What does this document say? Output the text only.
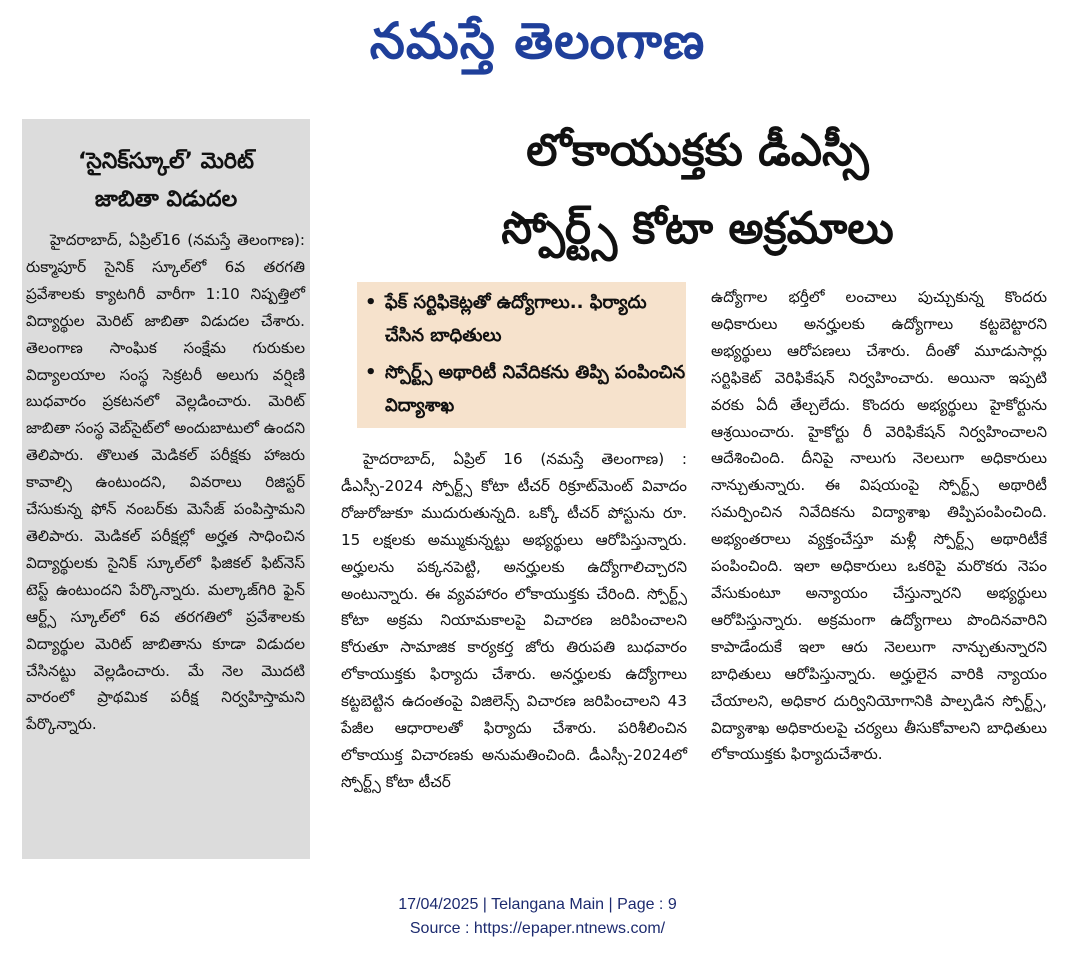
నమస్తే తెలంగాణ
‘సైనిక్‌స్కూల్‌’ మెరిట్‌
జాబితా విడుదల

హైదరాబాద్‌, ఏప్రిల్‌16 (నమస్తే తెలంగాణ): రుక్మాపూర్‌ సైనిక్‌ స్కూల్‌లో 6వ తరగతి ప్రవేశాలకు క్యాటగిరీ వారీగా 1:10 నిష్పత్తిలో విద్యార్థుల మెరిట్‌ జాబితా విడుదల చేశారు. తెలంగాణ సాంఘిక సంక్షేమ గురుకుల విద్యాలయాల సంస్థ సెక్రటరీ అలుగు వర్షిణి బుధవారం ప్రకటనలో వెల్లడించారు. మెరిట్‌ జాబితా సంస్థ వెబ్‌సైట్‌లో అందుబాటులో ఉందని తెలిపారు. తొలుత మెడికల్‌ పరీక్షకు హాజరు కావాల్సి ఉంటుందని, వివరాలు రిజిస్టర్‌ చేసుకున్న ఫోన్‌ నంబర్‌కు మెసేజ్‌ పంపిస్తామని తెలిపారు. మెడికల్‌ పరీక్షల్లో అర్హత సాధించిన విద్యార్థులకు సైనిక్‌ స్కూల్‌లో ఫిజికల్‌ ఫిట్‌నెస్‌ టెస్ట్‌ ఉంటుందని పేర్కొన్నారు. మల్కాజ్‌గిరి ఫైన్‌ ఆర్ట్స్‌ స్కూల్‌లో 6వ తరగతిలో ప్రవేశాలకు విద్యార్థుల మెరిట్‌ జాబితాను కూడా విడుదల చేసినట్టు వెల్లడించారు. మే నెల మొదటి వారంలో ప్రాథమిక పరీక్ష నిర్వహిస్తామని పేర్కొన్నారు.

లోకాయుక్తకు డీఎస్సీ
స్పోర్ట్స్‌ కోటా అక్రమాలు
• ఫేక్‌ సర్టిఫికెట్లతో ఉద్యోగాలు.. ఫిర్యాదు చేసిన బాధితులు
• స్పోర్ట్స్‌ అథారిటీ నివేదికను తిప్పి పంపించిన విద్యాశాఖ

హైదరాబాద్‌, ఏప్రిల్‌ 16 (నమస్తే తెలంగాణ) : డీఎస్సీ-2024 స్పోర్ట్స్‌ కోటా టీచర్‌ రిక్రూట్‌మెంట్‌ వివాదం రోజురోజుకూ ముదురుతున్నది. ఒక్కో టీచర్‌ పోస్టును రూ. 15 లక్షలకు అమ్ముకున్నట్టు అభ్యర్థులు ఆరోపిస్తున్నారు. అర్హులను పక్కనపెట్టి, అనర్హులకు ఉద్యోగాలిచ్చారని అంటున్నారు. ఈ వ్యవహారం లోకాయుక్తకు చేరింది. స్పోర్ట్స్‌ కోటా అక్రమ నియామకాలపై విచారణ జరిపించాలని కోరుతూ సామాజిక కార్యకర్త జోరు తిరుపతి బుధవారం లోకాయుక్తకు ఫిర్యాదు చేశారు. అనర్హులకు ఉద్యోగాలు కట్టబెట్టిన ఉదంతంపై విజిలెన్స్‌ విచారణ జరిపించాలని 43 పేజీల ఆధారాలతో ఫిర్యాదు చేశారు. పరిశీలించిన లోకాయుక్త విచారణకు అనుమతించింది. డీఎస్సీ-2024లో స్పోర్ట్స్‌ కోటా టీచర్‌

ఉద్యోగాల భర్తీలో లంచాలు పుచ్చుకున్న కొందరు అధికారులు అనర్హులకు ఉద్యోగాలు కట్టబెట్టారని అభ్యర్థులు ఆరోపణలు చేశారు. దీంతో మూడుసార్లు సర్టిఫికెట్‌ వెరిఫికేషన్‌ నిర్వహించారు. అయినా ఇప్పటి వరకు ఏదీ తేల్చలేదు. కొందరు అభ్యర్థులు హైకోర్టును ఆశ్రయించారు. హైకోర్టు రీ వెరిఫికేషన్‌ నిర్వహించాలని ఆదేశించింది. దీనిపై నాలుగు నెలలుగా అధికారులు నాన్చుతున్నారు. ఈ విషయంపై స్పోర్ట్స్‌ అథారిటీ సమర్పించిన నివేదికను విద్యాశాఖ తిప్పిపంపించింది. అభ్యంతరాలు వ్యక్తంచేస్తూ మళ్లీ స్పోర్ట్స్‌ అథారిటీకే పంపించింది. ఇలా అధికారులు ఒకరిపై మరొకరు నెపం వేసుకుంటూ అన్యాయం చేస్తున్నారని అభ్యర్థులు ఆరోపిస్తున్నారు. అక్రమంగా ఉద్యోగాలు పొందినవారిని కాపాడేందుకే ఇలా ఆరు నెలలుగా నాన్చుతున్నారని బాధితులు ఆరోపిస్తున్నారు. అర్హులైన వారికి న్యాయం చేయాలని, అధికార దుర్వినియోగానికి పాల్పడిన స్పోర్ట్స్‌, విద్యాశాఖ అధికారులపై చర్యలు తీసుకోవాలని బాధితులు లోకాయుక్తకు ఫిర్యాదుచేశారు.

17/04/2025 | Telangana Main | Page : 9
Source : https://epaper.ntnews.com/
